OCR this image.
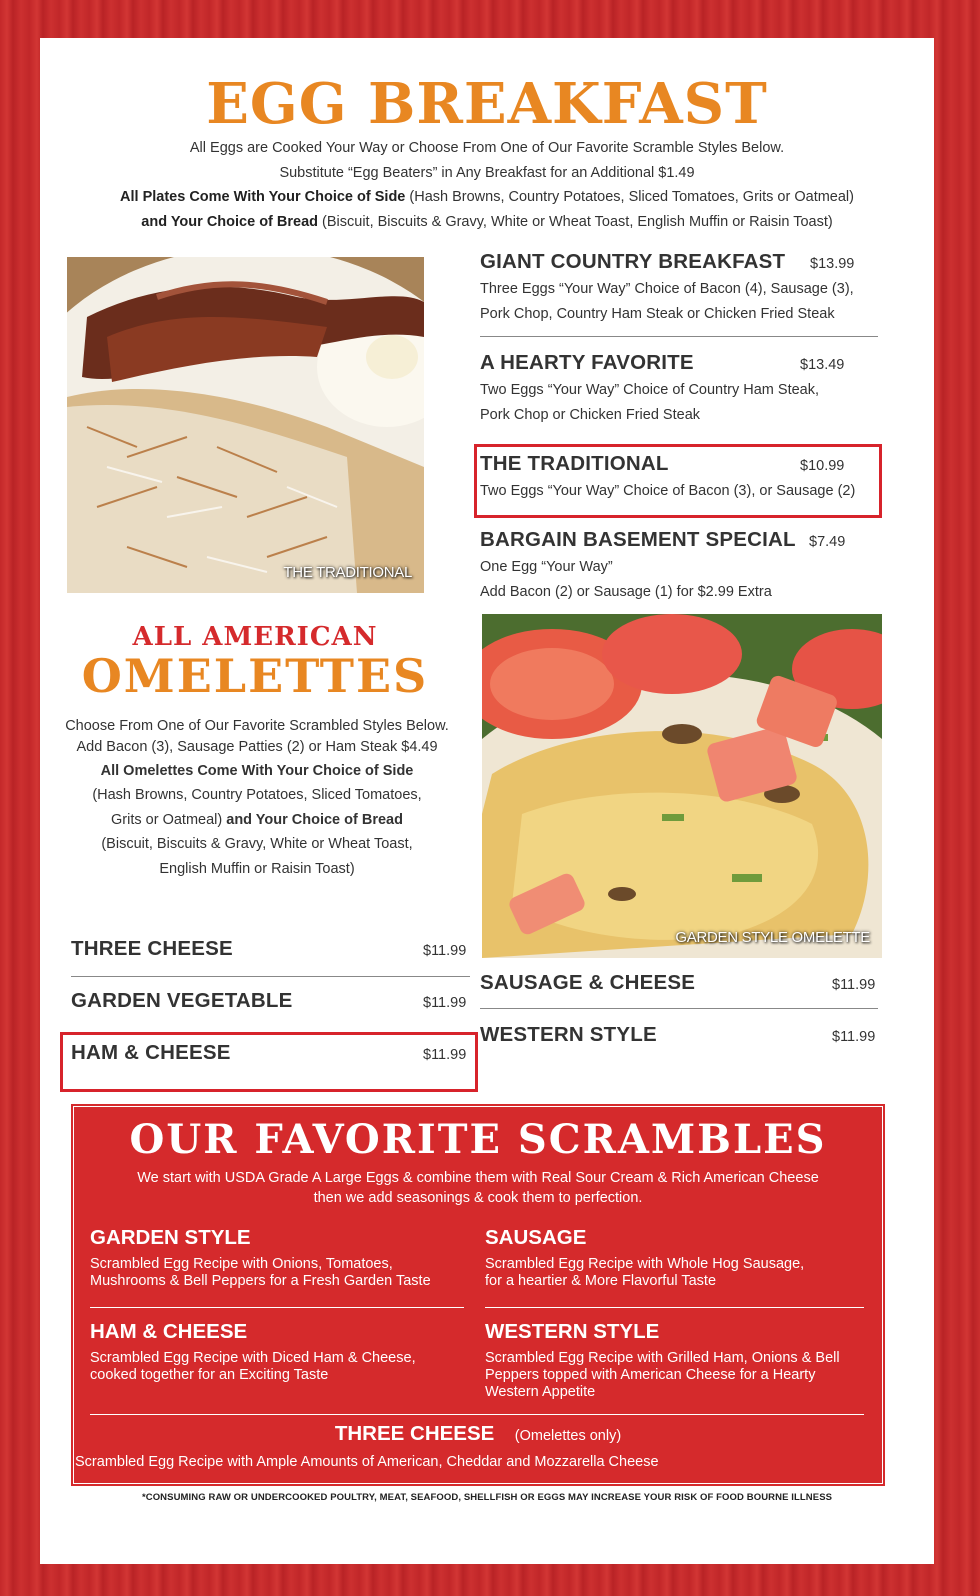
EGG BREAKFAST
All Eggs are Cooked Your Way or Choose From One of Our Favorite Scramble Styles Below.
Substitute “Egg Beaters” in Any Breakfast for an Additional $1.49
All Plates Come With Your Choice of Side (Hash Browns, Country Potatoes, Sliced Tomatoes, Grits or Oatmeal)
and Your Choice of Bread (Biscuit, Biscuits & Gravy, White or Wheat Toast, English Muffin or Raisin Toast)
THE TRADITIONAL
GIANT COUNTRY BREAKFAST $13.99
Three Eggs “Your Way” Choice of Bacon (4), Sausage (3),
Pork Chop, Country Ham Steak or Chicken Fried Steak
A HEARTY FAVORITE	$13.49
Two Eggs “Your Way” Choice of Country Ham Steak,
Pork Chop or Chicken Fried Steak
THE TRADITIONAL	$10.99
Two Eggs “Your Way” Choice of Bacon (3), or Sausage (2)
BARGAIN BASEMENT SPECIAL $7.49
One Egg “Your Way”
Add Bacon (2) or Sausage (1) for $2.99 Extra
ALL AMERICAN
OMELETTES
Choose From One of Our Favorite Scrambled Styles Below.
Add Bacon (3), Sausage Patties (2) or Ham Steak $4.49
All Omelettes Come With Your Choice of Side
(Hash Browns, Country Potatoes, Sliced Tomatoes,
Grits or Oatmeal) and Your Choice of Bread
(Biscuit, Biscuits & Gravy, White or Wheat Toast,
English Muffin or Raisin Toast)
GARDEN STYLE OMELETTE
THREE CHEESE	$11.99
GARDEN VEGETABLE	$11.99
HAM & CHEESE	$11.99
SAUSAGE & CHEESE	$11.99
WESTERN STYLE	$11.99
OUR FAVORITE SCRAMBLES
We start with USDA Grade A Large Eggs & combine them with Real Sour Cream & Rich American Cheese
then we add seasonings & cook them to perfection.
GARDEN STYLE
Scrambled Egg Recipe with Onions, Tomatoes,
Mushrooms & Bell Peppers for a Fresh Garden Taste
SAUSAGE
Scrambled Egg Recipe with Whole Hog Sausage,
for a heartier & More Flavorful Taste
HAM & CHEESE
Scrambled Egg Recipe with Diced Ham & Cheese,
cooked together for an Exciting Taste
WESTERN STYLE
Scrambled Egg Recipe with Grilled Ham, Onions & Bell
Peppers topped with American Cheese for a Hearty
Western Appetite
THREE CHEESE (Omelettes only)
Scrambled Egg Recipe with Ample Amounts of American, Cheddar and Mozzarella Cheese
*CONSUMING RAW OR UNDERCOOKED POULTRY, MEAT, SEAFOOD, SHELLFISH OR EGGS MAY INCREASE YOUR RISK OF FOOD BOURNE ILLNESS
